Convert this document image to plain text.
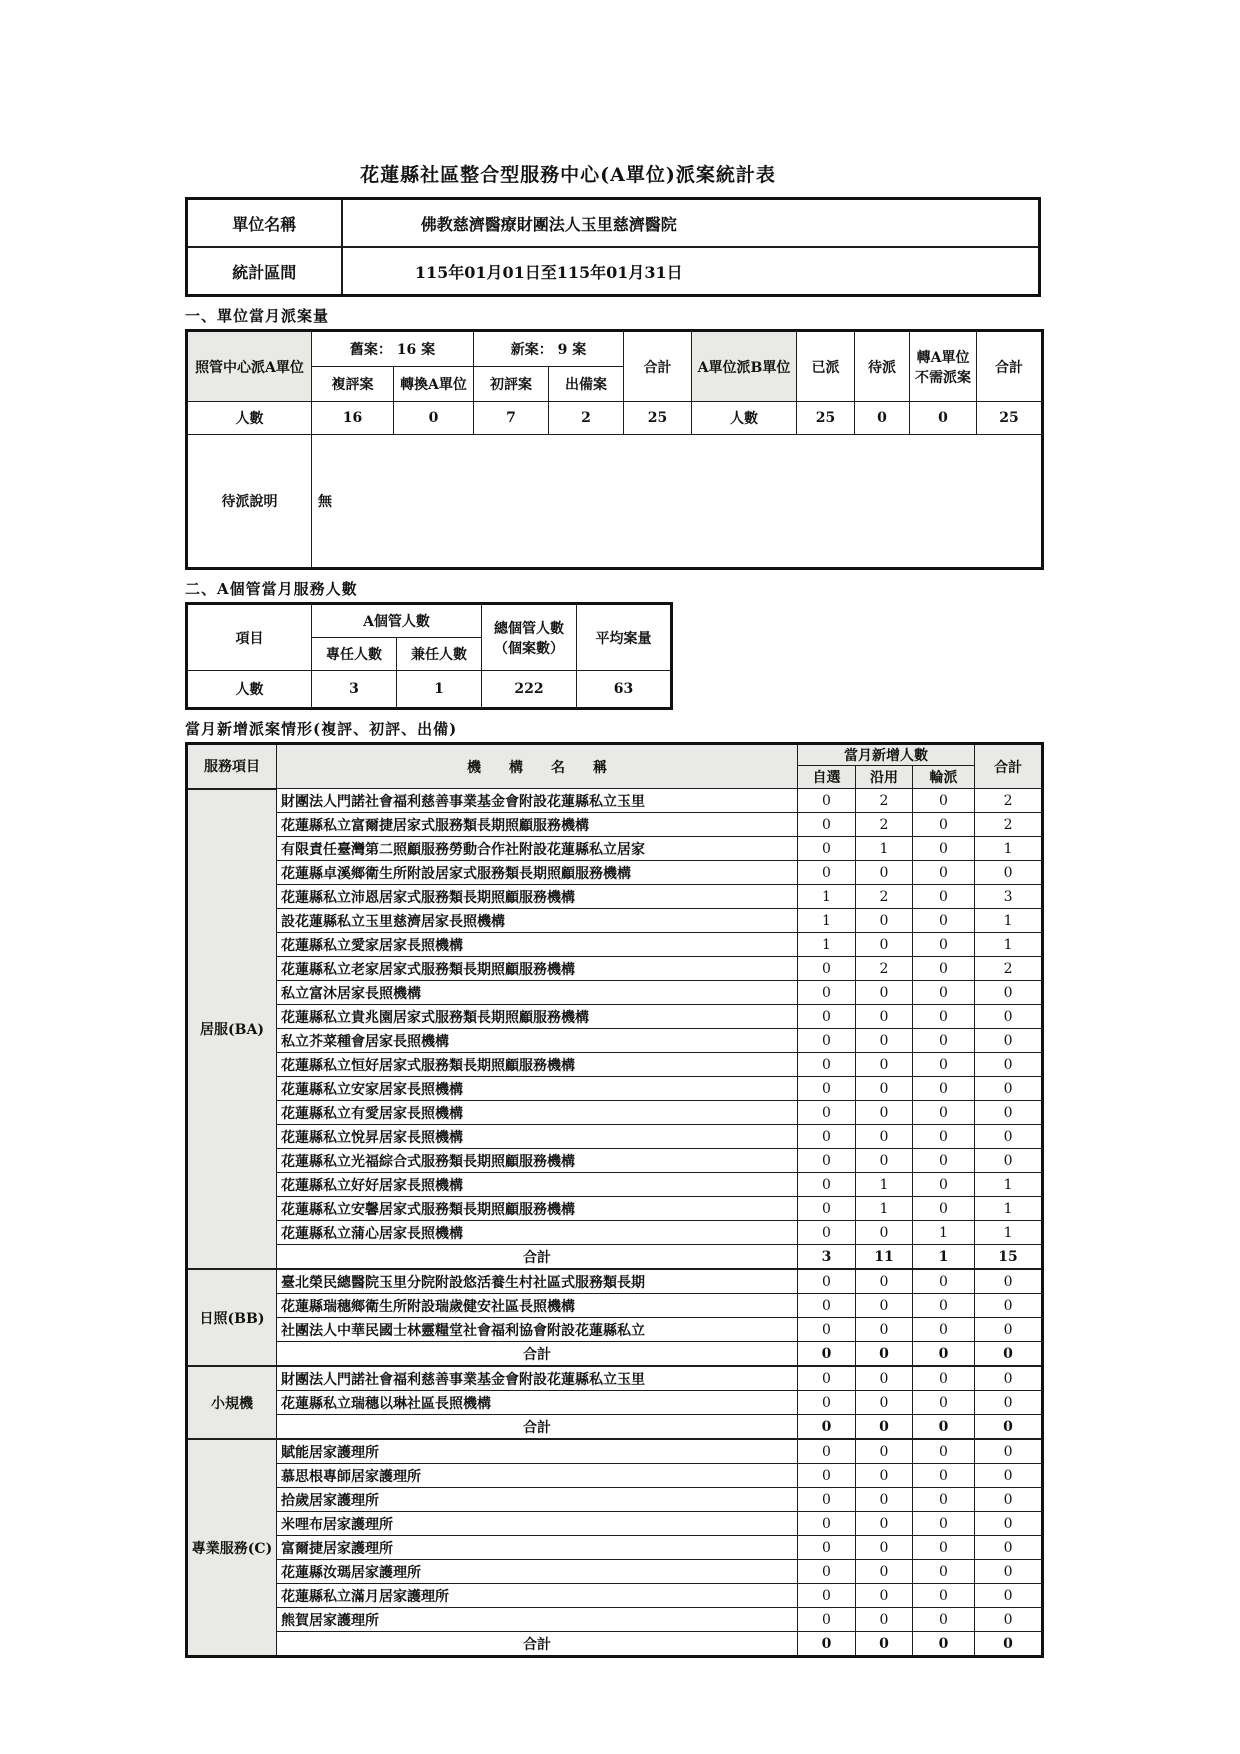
花蓮縣社區整合型服務中心(A單位)派案統計表
單位名稱	佛教慈濟醫療財團法人玉里慈濟醫院
統計區間	115年01月01日至115年01月31日
一、單位當月派案量
照管中心派A單位	舊案： 16 案		新案： 9 案		合計	A單位派B單位	已派	待派	轉A單位不需派案	合計
	複評案	轉換A單位	初評案	出備案						
人數	16	0	7	2	25	人數	25	0	0	25
待派說明	無									
二、A個管當月服務人數
項目	A個管人數		總個管人數（個案數）	平均案量
	專任人數	兼任人數		
人數	3	1	222	63
當月新增派案情形(複評、初評、出備)
服務項目	機　　構　　名　　稱	當月新增人數			合計
		自選	沿用	輪派	
居服(BA)	財團法人門諾社會福利慈善事業基金會附設花蓮縣私立玉里	0	2	0	2
	花蓮縣私立富爾捷居家式服務類長期照顧服務機構	0	2	0	2
	有限責任臺灣第二照顧服務勞動合作社附設花蓮縣私立居家	0	1	0	1
	花蓮縣卓溪鄉衛生所附設居家式服務類長期照顧服務機構	0	0	0	0
	花蓮縣私立沛恩居家式服務類長期照顧服務機構	1	2	0	3
	設花蓮縣私立玉里慈濟居家長照機構	1	0	0	1
	花蓮縣私立愛家居家長照機構	1	0	0	1
	花蓮縣私立老家居家式服務類長期照顧服務機構	0	2	0	2
	私立富沐居家長照機構	0	0	0	0
	花蓮縣私立貴兆園居家式服務類長期照顧服務機構	0	0	0	0
	私立芥菜種會居家長照機構	0	0	0	0
	花蓮縣私立恒好居家式服務類長期照顧服務機構	0	0	0	0
	花蓮縣私立安家居家長照機構	0	0	0	0
	花蓮縣私立有愛居家長照機構	0	0	0	0
	花蓮縣私立悅昇居家長照機構	0	0	0	0
	花蓮縣私立光福綜合式服務類長期照顧服務機構	0	0	0	0
	花蓮縣私立好好居家長照機構	0	1	0	1
	花蓮縣私立安馨居家式服務類長期照顧服務機構	0	1	0	1
	花蓮縣私立蒲心居家長照機構	0	0	1	1
	合計	3	11	1	15
日照(BB)	臺北榮民總醫院玉里分院附設悠活養生村社區式服務類長期	0	0	0	0
	花蓮縣瑞穗鄉衛生所附設瑞歲健安社區長照機構	0	0	0	0
	社團法人中華民國士林靈糧堂社會福利協會附設花蓮縣私立	0	0	0	0
	合計	0	0	0	0
小規機	財團法人門諾社會福利慈善事業基金會附設花蓮縣私立玉里	0	0	0	0
	花蓮縣私立瑞穗以琳社區長照機構	0	0	0	0
	合計	0	0	0	0
專業服務(C)	賦能居家護理所	0	0	0	0
	慕思根專師居家護理所	0	0	0	0
	拾歲居家護理所	0	0	0	0
	米哩布居家護理所	0	0	0	0
	富爾捷居家護理所	0	0	0	0
	花蓮縣汝瑪居家護理所	0	0	0	0
	花蓮縣私立滿月居家護理所	0	0	0	0
	熊賀居家護理所	0	0	0	0
	合計	0	0	0	0
